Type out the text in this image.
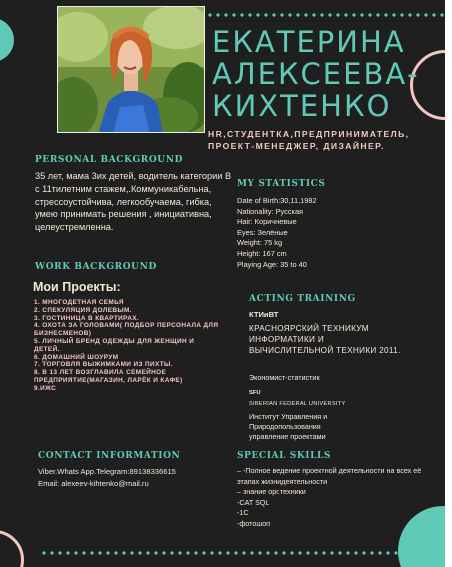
ЕКАТЕРИНА
АЛЕКСЕЕВА-
КИХТЕНКО
HR,СТУДЕНТКА,ПРЕДПРИНИМАТЕЛЬ,
ПРОЕКТ-МЕНЕДЖЕР, ДИЗАЙНЕР.
PERSONAL BACKGROUND
35 лет, мама 3их детей, водитель категории В с 11тилетним стажем,.Коммуникабельна, стрессоустойчива, легкообучаема, гибка, умею принимать решения , инициативна, целеустремленна.
WORK BACKGROUND
Мои Проекты:
1. МНОГОДЕТНАЯ СЕМЬЯ
2. СПЕКУЛЯЦИЯ ДОЛЕВЫМ.
3. ГОСТИНИЦА В КВАРТИРАХ.
4. ОХОТА ЗА ГОЛОВАМИ( ПОДБОР ПЕРСОНАЛА ДЛЯ БИЗНЕСМЕНОВ)
5. ЛИЧНЫЙ БРЕНД ОДЕЖДЫ ДЛЯ ЖЕНЩИН И ДЕТЕЙ.
6. ДОМАШНИЙ ШОУРУМ
7. ТОРГОВЛЯ ВЫЖИМКАМИ ИЗ ПИХТЫ.
8. В 13 ЛЕТ ВОЗГЛАВИЛА СЕМЕЙНОЕ ПРЕДПРИЯТИЕ(МАГАЗИН, ЛАРЁК И КАФЕ)
9.ИЖС
CONTACT INFORMATION
Viber.Whats App.Telegram:89138336615
Email: alexeev-kihtenko@mail.ru
MY STATISTICS
Date of Birth:30,11,1982
Nationality: Русская
Hair: Коричневые
Eyes: Зелёные
Weight: 75 kg
Height: 167 cm
Playing Age: 35 to 40
ACTING TRAINING
КТИиВТ
КРАСНОЯРСКИЙ ТЕХНИКУМ ИНФОРМАТИКИ И ВЫЧИСЛИТЕЛЬНОЙ ТЕХНИКИ 2011.
Экономист-статистик
SFU
SIBERIAN FEDERAL UNIVERSITY
Институт Управления и Природопользования управление проектами
SPECIAL SKILLS
– -Полное ведение проектной деятельности на всех её этапах жизнидеятельности
– знание орг.техники
-CAT SQL
-1С
-фотошоп
